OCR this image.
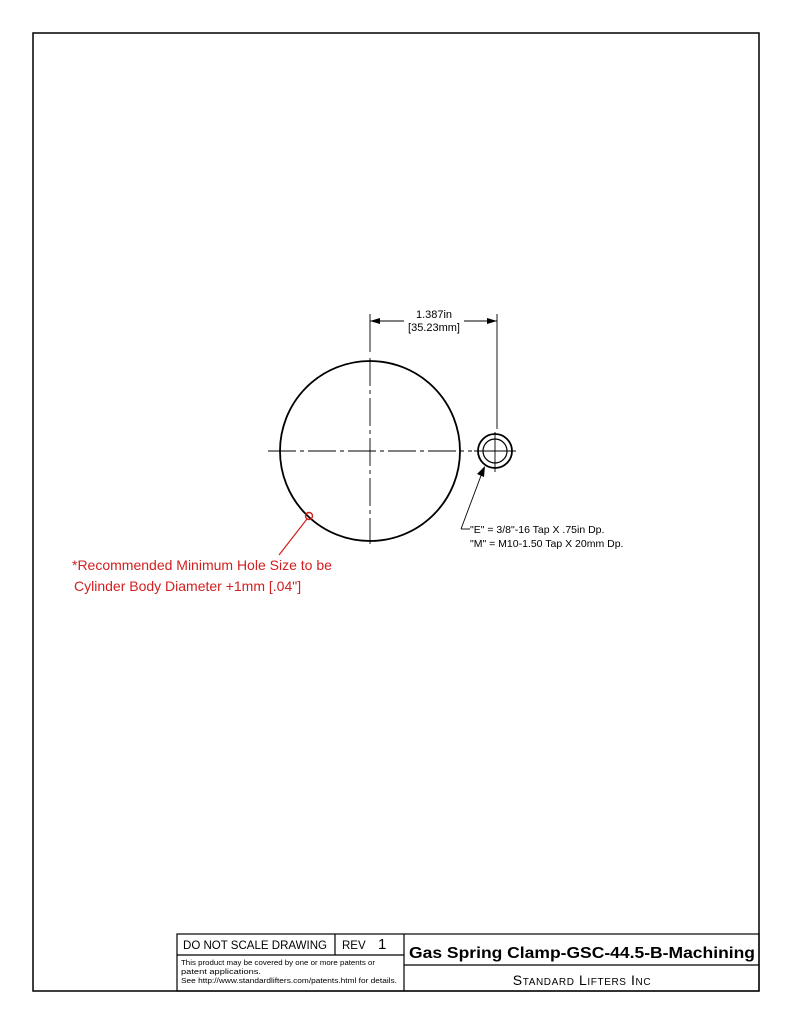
1.387in
[35.23mm]
"E" = 3/8"-16 Tap X .75in Dp.
"M" = M10-1.50 Tap X 20mm Dp.
*Recommended Minimum Hole Size to be
Cylinder Body Diameter +1mm [.04"]
DO NOT SCALE DRAWING REV 1
This product may be covered by one or more patents or
patent applications.
See http://www.standardlifters.com/patents.html for details.
Gas Spring Clamp-GSC-44.5-B-Machining
Standard Lifters Inc
